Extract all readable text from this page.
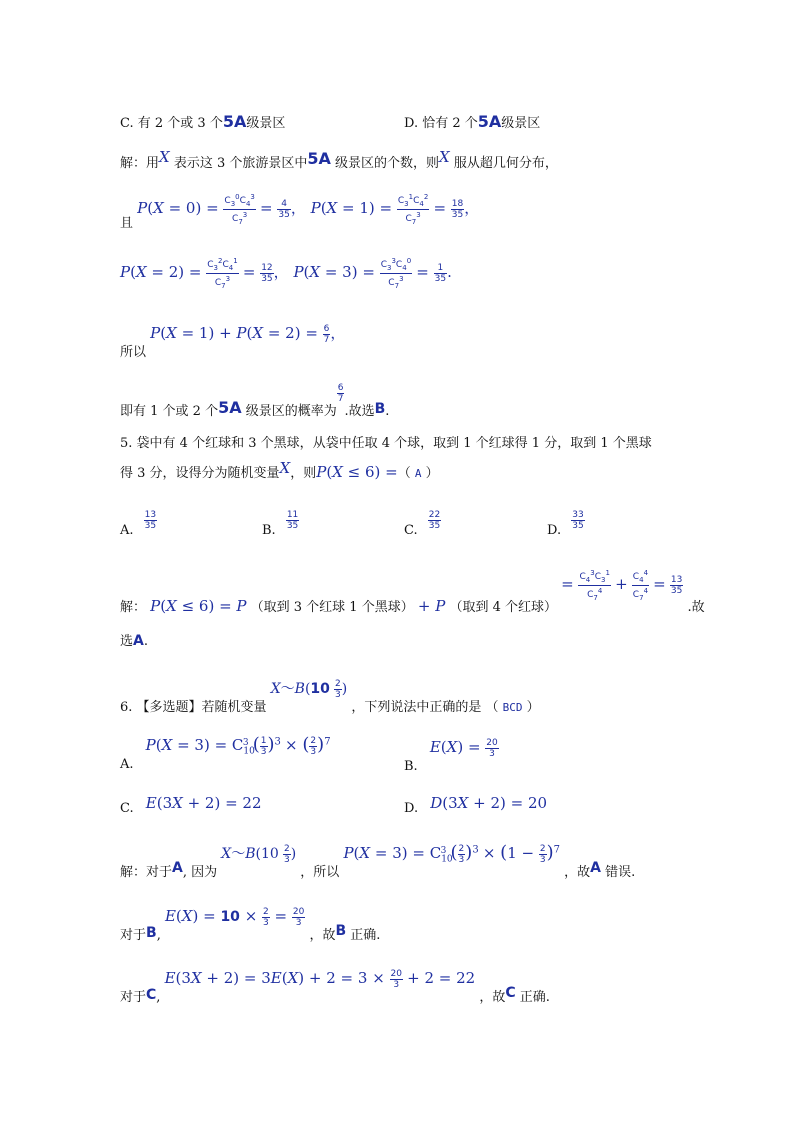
C. 有 2 个或 3 个5A级景区	D. 恰有 2 个5A级景区
解：用X 表示这 3 个旅游景区中5A 级景区的个数，则X 服从超几何分布，
且 $P(X = 0) = \frac{C_3^0C_4^3}{C_7^3} = \frac{4}{35}$ ， $P(X = 1) = \frac{C_3^1C_4^2}{C_7^3} = \frac{18}{35}$ ，
$P(X = 2) = \frac{C_3^2C_4^1}{C_7^3} = \frac{12}{35}$ ， $P(X = 3) = \frac{C_3^3C_4^0}{C_7^3} = \frac{1}{35}$ .
所以 $P(X = 1) + P(X = 2) = \frac{6}{7}$ ，
即有 1 个或 2 个5A 级景区的概率为
$\frac{6}{7}$
.故选B.
5. 袋中有 4 个红球和 3 个黑球，从袋中任取 4 个球，取到 1 个红球得 1 分，取到 1 个黑球
得 3 分，设得分为随机变量X，则P(X ≤ 6) =（ A ）
A. $\frac{13}{35}$	B. $\frac{11}{35}$	C. $\frac{22}{35}$	D. $\frac{33}{35}$
解： P(X ≤ 6) = P （取到 3 个红球 1 个黑球） + P （取到 4 个红球） = $\frac{C_4^3C_3^1}{C_7^4} + \frac{C_4^4}{C_7^4} = \frac{13}{35}$
.故
选A.
6. 【多选题】若随机变量 X～B(10 $\frac{2}{3}$ ) ，下列说法中正确的是 （ $_{BCD}$ ）
A. $P(X = 3) = C_{10}^3$ ( $\frac{1}{3} )^3$ × ( $\frac{2}{3} )^7$
B. $E(X) = \frac{20}{3}$
C. E(3X + 2) = 22	D. D(3X + 2) = 20
解：对于A, 因为 X～B(10 $\frac{2}{3}$ ) ，所以 $P(X = 3) = C_{10}^3$ ( $\frac{2}{3} )^3 \times (1 - \frac{2}{3} )^7$ ，故A 错误.
对于B, $E(X) = 10 \times \frac{2}{3} = \frac{20}{3}$
，故B 正确.
对于C, $E(3X + 2) = 3E(X) + 2 = 3 \times \frac{20}{3} + 2 = 22$ ，故C 正确.
